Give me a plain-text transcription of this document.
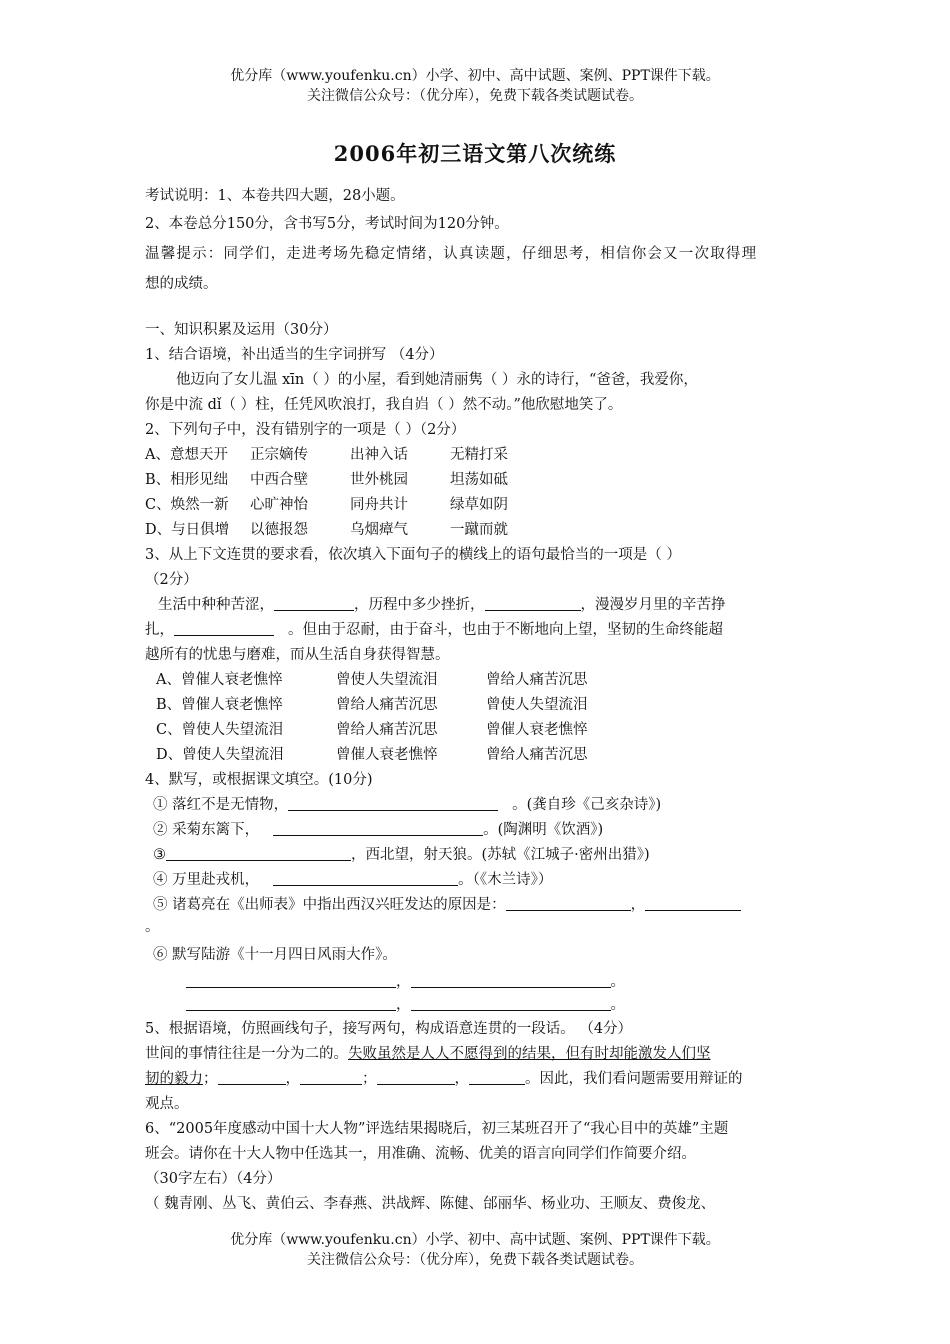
优分库（www.youfenku.cn）小学、初中、高中试题、案例、PPT课件下载。
关注微信公众号：（优分库），免费下载各类试题试卷。
2006年初三语文第八次统练
考试说明：1、本卷共四大题，28小题。
2、本卷总分150分，含书写5分，考试时间为120分钟。
温馨提示：同学们，走进考场先稳定情绪，认真读题，仔细思考，相信你会又一次取得理
想的成绩。
一、知识积累及运用（30分）
1、结合语境，补出适当的生字词拼写 （4分）
他迈向了女儿温 xīn（ ）的小屋，看到她清丽隽（ ）永的诗行，“爸爸，我爱你，
你是中流 dǐ（ ）柱，任凭风吹浪打，我自岿（ ）然不动。”他欣慰地笑了。
2、下列句子中，没有错别字的一项是（ ）（2分）
A、意想天开 正宗嫡传	出神入话	无精打采
B、相形见绌 中西合壁	世外桃园	坦荡如砥
C、焕然一新 心旷神怡	同舟共计	绿草如阴
D、与日俱增 以德报怨	乌烟瘴气	一蹴而就
3、从上下文连贯的要求看，依次填入下面句子的横线上的语句最恰当的一项是（ ）
（2分）
生活中种种苦涩，	，历程中多少挫折，	，漫漫岁月里的辛苦挣
扎，	。但由于忍耐，由于奋斗，也由于不断地向上望，坚韧的生命终能超
越所有的忧患与磨难，而从生活自身获得智慧。
A、曾催人衰老憔悴	曾使人失望流泪	曾给人痛苦沉思
B、曾催人衰老憔悴	曾给人痛苦沉思	曾使人失望流泪
C、曾使人失望流泪	曾给人痛苦沉思	曾催人衰老憔悴
D、曾使人失望流泪	曾催人衰老憔悴	曾给人痛苦沉思
4、默写，或根据课文填空。(10分)
① 落红不是无情物，	。(龚自珍《己亥杂诗》)
② 采菊东篱下，	。(陶渊明《饮酒》)
③	，西北望，射天狼。(苏轼《江城子·密州出猎》)
④ 万里赴戎机，	。（《木兰诗》）
⑤ 诸葛亮在《出师表》中指出西汉兴旺发达的原因是：	，
。
⑥ 默写陆游《十一月四日风雨大作》。
，	。
，	。
5、根据语境，仿照画线句子，接写两句，构成语意连贯的一段话。 （4分）
世间的事情往往是一分为二的。失败虽然是人人不愿得到的结果，但有时却能激发人们坚
韧的毅力；	，	；	，	。因此，我们看问题需要用辩证的
观点。
6、“2005年度感动中国十大人物”评选结果揭晓后，初三某班召开了“我心目中的英雄”主题
班会。请你在十大人物中任选其一，用准确、流畅、优美的语言向同学们作简要介绍。
（30字左右）（4分）
（ 魏青刚、丛飞、黄伯云、李春燕、洪战辉、陈健、邰丽华、杨业功、王顺友、费俊龙、
优分库（www.youfenku.cn）小学、初中、高中试题、案例、PPT课件下载。
关注微信公众号：（优分库），免费下载各类试题试卷。
